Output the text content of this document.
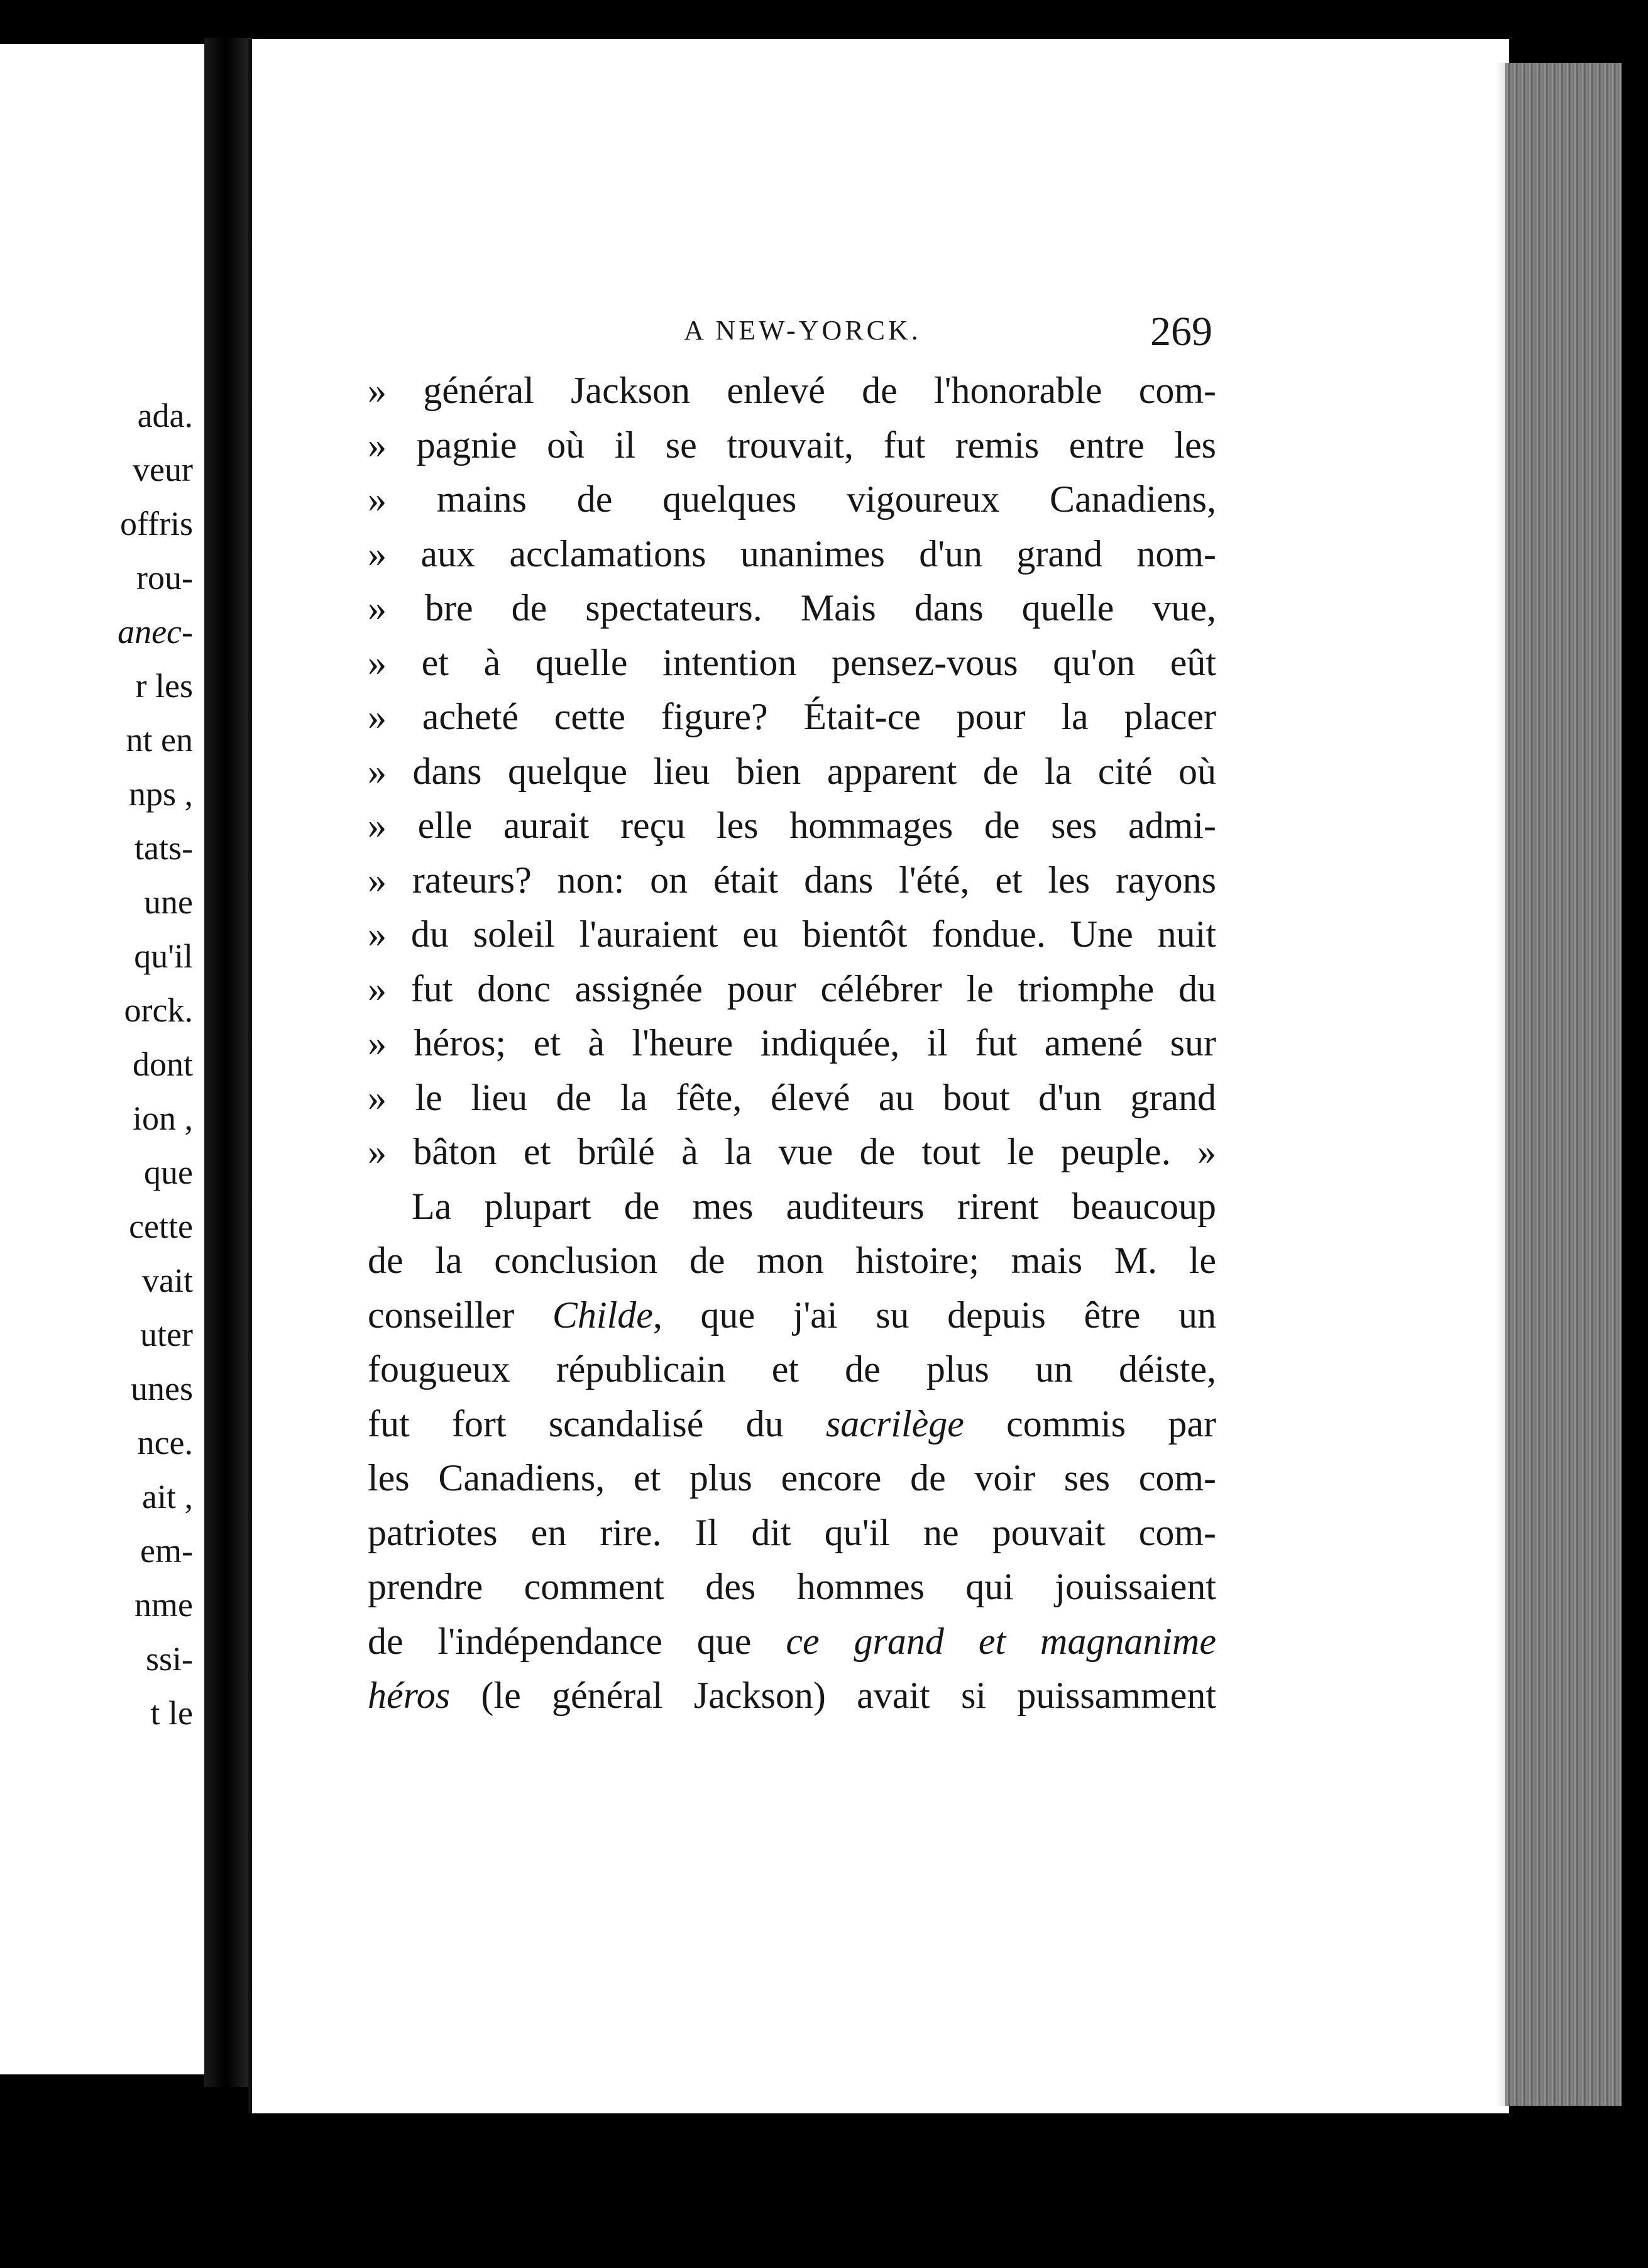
ada.
veur
offris
rou-
anec-
r les
nt en
nps ,
tats-
une
qu'il
orck.
dont
ion ,
que
cette
vait
uter
unes
nce.
ait ,
em-
nme
ssi-
t le
A NEW-YORCK.	269
» général Jackson enlevé de l'honorable com-
» pagnie où il se trouvait, fut remis entre les
» mains de quelques vigoureux Canadiens,
» aux acclamations unanimes d'un grand nom-
» bre de spectateurs. Mais dans quelle vue,
» et à quelle intention pensez-vous qu'on eût
» acheté cette figure? Était-ce pour la placer
» dans quelque lieu bien apparent de la cité où
» elle aurait reçu les hommages de ses admi-
» rateurs? non: on était dans l'été, et les rayons
» du soleil l'auraient eu bientôt fondue. Une nuit
» fut donc assignée pour célébrer le triomphe du
» héros; et à l'heure indiquée, il fut amené sur
» le lieu de la fête, élevé au bout d'un grand
» bâton et brûlé à la vue de tout le peuple. »
La plupart de mes auditeurs rirent beaucoup
de la conclusion de mon histoire; mais M. le
conseiller Childe, que j'ai su depuis être un
fougueux républicain et de plus un déiste,
fut fort scandalisé du sacrilège commis par
les Canadiens, et plus encore de voir ses com-
patriotes en rire. Il dit qu'il ne pouvait com-
prendre comment des hommes qui jouissaient
de l'indépendance que ce grand et magnanime
héros (le général Jackson) avait si puissamment
